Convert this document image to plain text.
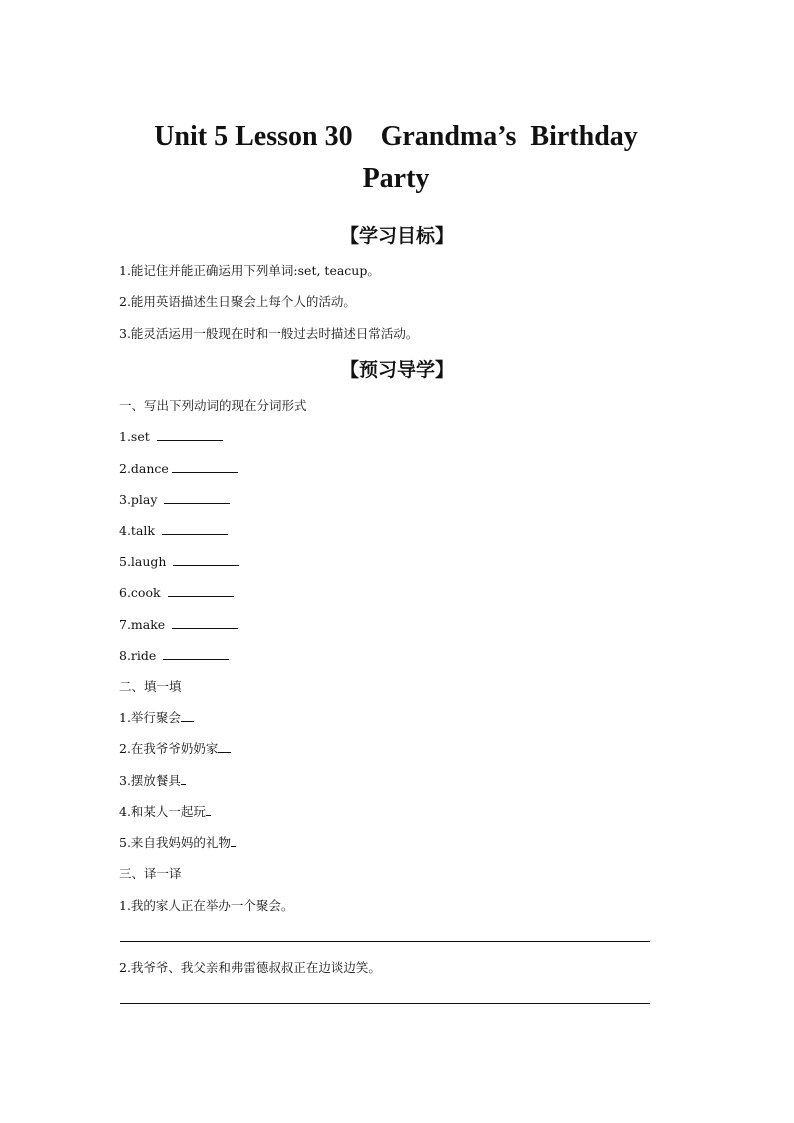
Unit 5 Lesson 30    Grandma’s  Birthday
Party
【学习目标】

1.能记住并能正确运用下列单词:set, teacup。

2.能用英语描述生日聚会上每个人的活动。

3.能灵活运用一般现在时和一般过去时描述日常活动。

【预习导学】

一、写出下列动词的现在分词形式

1.set

2.dance

3.play

4.talk

5.laugh

6.cook

7.make

8.ride

二、填一填

1.举行聚会

2.在我爷爷奶奶家

3.摆放餐具

4.和某人一起玩

5.来自我妈妈的礼物

三、译一译

1.我的家人正在举办一个聚会。

2.我爷爷、我父亲和弗雷德叔叔正在边谈边笑。
